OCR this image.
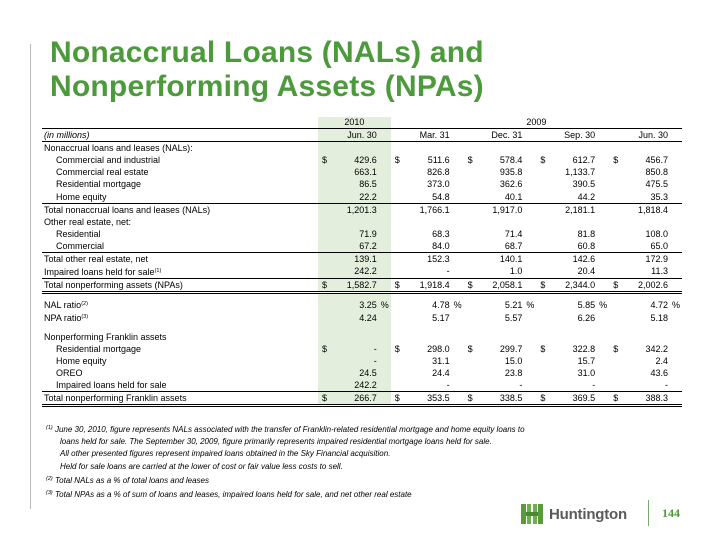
Nonaccrual Loans (NALs) and Nonperforming Assets (NPAs)
	2010	2009			
(in millions)	Jun. 30	Mar. 31	Dec. 31	Sep. 30	Jun. 30
Nonaccrual loans and leases (NALs):					
Commercial and industrial	$ 429.6	$ 511.6	$ 578.4	$ 612.7	$ 456.7
Commercial real estate	663.1	826.8	935.8	1,133.7	850.8
Residential mortgage	86.5	373.0	362.6	390.5	475.5
Home equity	22.2	54.8	40.1	44.2	35.3
Total nonaccrual loans and leases (NALs)	1,201.3	1,766.1	1,917.0	2,181.1	1,818.4
Other real estate, net:					
Residential	71.9	68.3	71.4	81.8	108.0
Commercial	67.2	84.0	68.7	60.8	65.0
Total other real estate, net	139.1	152.3	140.1	142.6	172.9
Impaired loans held for sale$^{(1)}$	242.2	-	1.0	20.4	11.3
Total nonperforming assets (NPAs)	$ 1,582.7	$ 1,918.4	$ 2,058.1	$ 2,344.0	$ 2,002.6

NAL ratio$^{(2)}$	3.25 %	4.78 %	5.21 %	5.85 %	4.72 %

NPA ratio$^{(3)}$	4.24	5.17	5.57	6.26	5.18

Nonperforming Franklin assets					
Residential mortgage	$ -	$ 298.0	$ 299.7	$ 322.8	$ 342.2
Home equity	-	31.1	15.0	15.7	2.4
OREO	24.5	24.4	23.8	31.0	43.6
Impaired loans held for sale	242.2	-	-	-	-
Total nonperforming Franklin assets	$ 266.7	$ 353.5	$ 338.5	$ 369.5	$ 388.3
$^{(1)}$ June 30, 2010, figure represents NALs associated with the transfer of Franklin-related residential mortgage and home equity loans to
loans held for sale. The September 30, 2009, figure primarily represents impaired residential mortgage loans held for sale.
All other presented figures represent impaired loans obtained in the Sky Financial acquisition.
Held for sale loans are carried at the lower of cost or fair value less costs to sell.
$^{(2)}$ Total NALs as a % of total loans and leases
$^{(3)}$ Total NPAs as a % of sum of loans and leases, impaired loans held for sale, and net other real estate
Huntington	144
